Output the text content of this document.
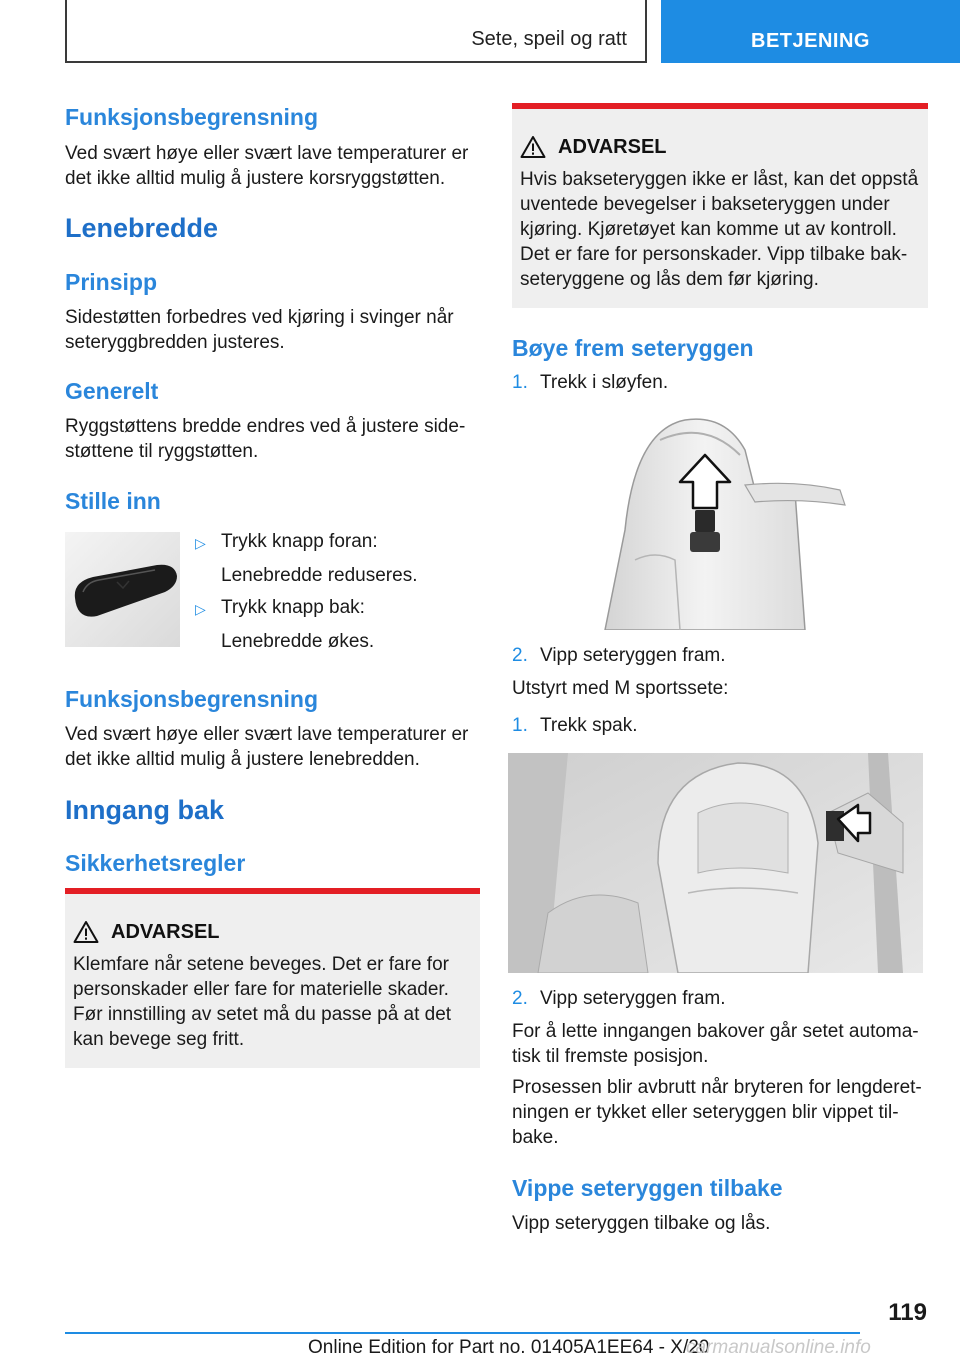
Sete, speil og ratt	BETJENING
Funksjonsbegrensning

Ved svært høye eller svært lave temperaturer er

det ikke alltid mulig å justere korsryggstøtten.

Lenebredde
Prinsipp

Sidestøtten forbedres ved kjøring i svinger når

seteryggbredden justeres.

Generelt

Ryggstøttens bredde endres ved å justere side‐

støttene til ryggstøtten.

Stille inn
▷ Trykk knapp foran:
Lenebredde reduseres.
▷ Trykk knapp bak:
Lenebredde økes.
Funksjonsbegrensning

Ved svært høye eller svært lave temperaturer er

det ikke alltid mulig å justere lenebredden.

Inngang bak
Sikkerhetsregler
ADVARSEL

Klemfare når setene beveges. Det er fare for

personskader eller fare for materielle skader.

Før innstilling av setet må du passe på at det

kan bevege seg fritt.

ADVARSEL

Hvis bakseteryggen ikke er låst, kan det oppstå

uventede bevegelser i bakseteryggen under

kjøring. Kjøretøyet kan komme ut av kontroll.

Det er fare for personskader. Vipp tilbake bak‐

seteryggene og lås dem før kjøring.

Bøye frem seteryggen
1. Trekk i sløyfen.
2. Vipp seteryggen fram.
Utstyrt med M sportssete:
1. Trekk spak.
2. Vipp seteryggen fram.

For å lette inngangen bakover går setet automa‐

tisk til fremste posisjon.

Prosessen blir avbrutt når bryteren for lengderet‐

ningen er tykket eller seteryggen blir vippet til‐

bake.

Vippe seteryggen tilbake
Vipp seteryggen tilbake og lås.
119
Online Edition for Part no. 01405A1EE64 - X/20
carmanualsonline.info
